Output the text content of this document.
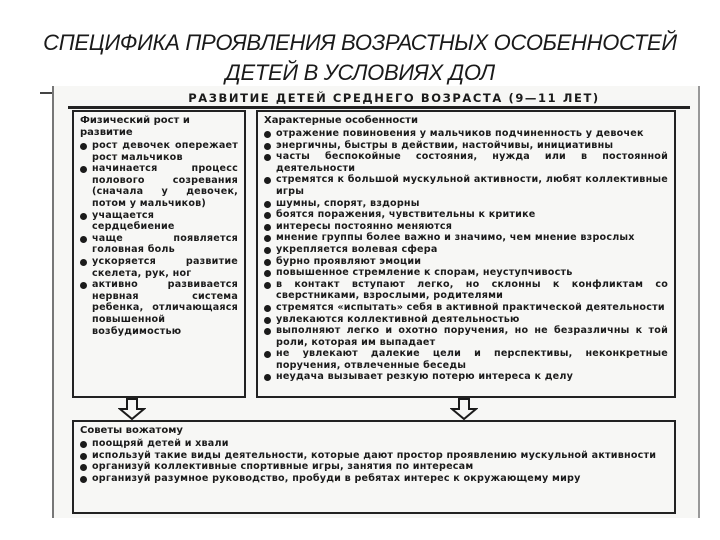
СПЕЦИФИКА ПРОЯВЛЕНИЯ ВОЗРАСТНЫХ ОСОБЕННОСТЕЙ
ДЕТЕЙ В УСЛОВИЯХ ДОЛ
РАЗВИТИЕ ДЕТЕЙ СРЕДНЕГО ВОЗРАСТА (9—11 ЛЕТ)
Физический рост и развитие
рост девочек опережает рост мальчиков
начинается процесс полового созревания (сначала у девочек, потом у мальчиков)
учащается сердцебиение
чаще появляется головная боль
ускоряется развитие скелета, рук, ног
активно развивается нервная система ребенка, отличающаяся повышенной возбудимостью
Характерные особенности
отражение повиновения у мальчиков подчиненность у девочек
энергичны, быстры в действии, настойчивы, инициативны
часты беспокойные состояния, нужда или в постоянной деятельности
стремятся к большой мускульной активности, любят коллективные игры
шумны, спорят, вздорны
боятся поражения, чувствительны к критике
интересы постоянно меняются
мнение группы более важно и значимо, чем мнение взрослых
укрепляется волевая сфера
бурно проявляют эмоции
повышенное стремление к спорам, неуступчивость
в контакт вступают легко, но склонны к конфликтам со сверстниками, взрослыми, родителями
стремятся «испытать» себя в активной практической деятельности
увлекаются коллективной деятельностью
выполняют легко и охотно поручения, но не безразличны к той роли, которая им выпадает
не увлекают далекие цели и перспективы, неконкретные поручения, отвлеченные беседы
неудача вызывает резкую потерю интереса к делу
Советы вожатому
поощряй детей и хвали
используй такие виды деятельности, которые дают простор проявлению мускульной активности
организуй коллективные спортивные игры, занятия по интересам
организуй разумное руководство, пробуди в ребятах интерес к окружающему миру
